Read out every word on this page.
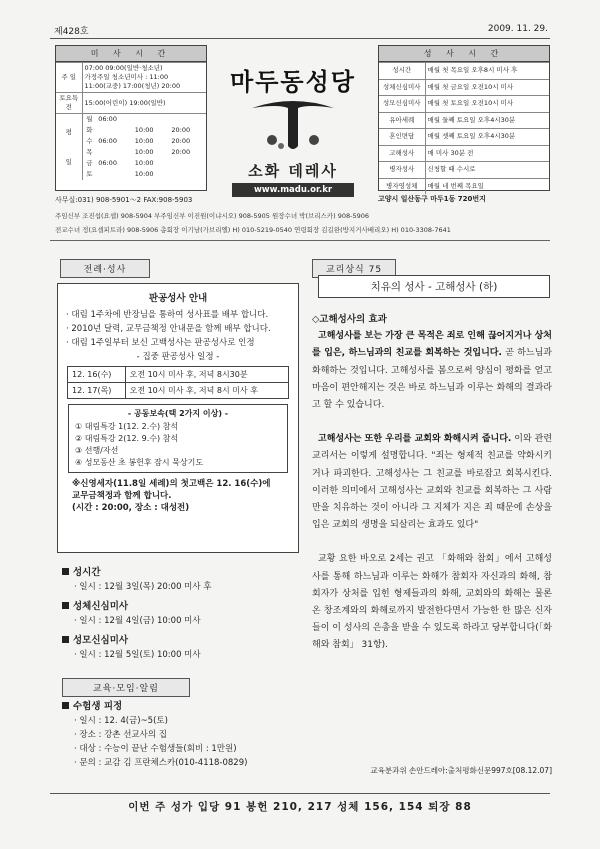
제428호	2009. 11. 29.
미 사 시 간
주 일	
07:00 09:00(일반·청소년)
가정주일 청소년미사 : 11:00
11:00(교중) 17:00(청년) 20:00

토요특전	15:00(어린이) 19:00(일반)

평
일

월	06:00		
화		10:00	20:00
수	06:00	10:00	20:00
목		10:00	20:00
금	06:00	10:00	
토		10:00	
마두동성당
소화 데레사
www.madu.or.kr
성 사 시 간
성시간	매월 첫 목요일 오후8시 미사 후
성체신심미사	매월 첫 금요일 오전10시 미사
성모신심미사	매월 첫 토요일 오전10시 미사
유아세례	매월 둘째 토요일 오후4시30분
혼인면담	매월 셋째 토요일 오후4시30분
고해성사	매 미사 30분 전
병자성사	신청할 때 수시로
병자영성체	매월 네 번째 목요일
고양시 일산동구 마두1동 720번지
사무실:031) 908-5901～2 FAX:908-5903
주임신부 조진섭(요셉) 908-5904 부주임신부 이진원(이냐시오) 908-5905 원장수녀 박(브리스카) 908-5906
전교수녀 정(요셉피트라) 908-5906 총회장 이기남(가브리엘) H) 010-5219-0540 연령회장 김길완(방지거사베리오) H) 010-3308-7641
전례·성사
판공성사 안내
· 대림 1주차에 반장님을 통하여 성사표를 배부 합니다.
· 2010년 달력, 교무금책정 안내문을 함께 배부 합니다.
· 대림 1주일부터 보신 고백성사는 판공성사로 인정
- 집중 판공성사 일정 -
12. 16(수)	오전 10시 미사 후, 저녁 8시30분
12. 17(목)	오전 10시 미사 후, 저녁 8시 미사 후
- 공동보속(택 2가지 이상) -
① 대림특강 1(12. 2.수) 참석
② 대림특강 2(12. 9.수) 참석
③ 선행/자선
④ 성모동산 초 봉헌후 잠시 묵상기도
※신영세자(11.8일 세례)의 첫고백은 12. 16(수)에
교무금책정과 함께 합니다.
(시간 : 20:00, 장소 : 대성전)
성시간
· 일시 : 12월 3일(목) 20:00 미사 후
성체신심미사
· 일시 : 12월 4일(금) 10:00 미사
성모신심미사
· 일시 : 12월 5일(토) 10:00 미사
교육·모임·알림
수험생 피정
· 일시 : 12. 4(금)~5(토)
· 장소 : 강촌 선교사의 집
· 대상 : 수능이 끝난 수험생들(회비 : 1만원)
· 문의 : 교감 김 프란체스카(010-4118-0829)
교리상식 75
치유의 성사 - 고해성사 (하)
◇고해성사의 효과

고해성사를 보는 가장 큰 목적은 죄로 인해 끊어지거나 상처를 입은, 하느님과의 친교를 회복하는 것입니다. 곧 하느님과 화해하는 것입니다. 고해성사를 봄으로써 양심이 평화를 얻고 마음이 편안해지는 것은 바로 하느님과 이루는 화해의 결과라고 할 수 있습니다.

고해성사는 또한 우리를 교회와 화해시켜 줍니다. 이와 관련 교리서는 이렇게 설명합니다. "죄는 형제적 친교를 약화시키거나 파괴한다. 고해성사는 그 친교를 바로잡고 회복시킨다. 이러한 의미에서 고해성사는 교회와 친교를 회복하는 그 사람만을 치유하는 것이 아니라 그 지체가 지은 죄 때문에 손상을 입은 교회의 생명을 되살리는 효과도 있다"

교황 요한 바오로 2세는 권고 「화해와 참회」에서 고해성사를 통해 하느님과 이루는 화해가 참회자 자신과의 화해, 참회자가 상처를 입힌 형제들과의 화해, 교회와의 화해는 물론 온 창조계와의 화해로까지 발전한다면서 가능한 한 많은 신자들이 이 성사의 은총을 받을 수 있도록 하라고 당부합니다(「화해와 참회」 31항).

교육분과위 손안드레아:출처평화신문997호[08.12.07]
이번 주 성가 입당 91 봉헌 210, 217 성체 156, 154 퇴장 88
